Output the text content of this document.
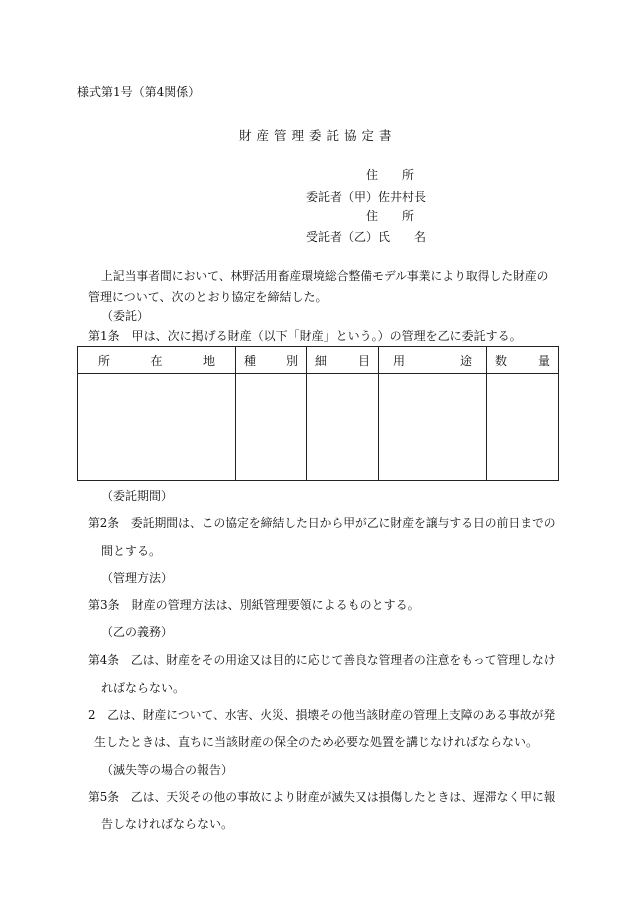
様式第1号（第4関係）
財産管理委託協定書
住　　所
委託者（甲）佐井村長
住　　所
受託者（乙）氏　　名
上記当事者間において、林野活用畜産環境総合整備モデル事業により取得した財産の
管理について、次のとおり協定を締結した。
（委託）
第1条　甲は、次に掲げる財産（以下「財産」という。）の管理を乙に委託する。
所 在 地	種 別	細 目	用 途	数 量

（委託期間）
第2条　委託期間は、この協定を締結した日から甲が乙に財産を譲与する日の前日までの
間とする。
（管理方法）
第3条　財産の管理方法は、別紙管理要領によるものとする。
（乙の義務）
第4条　乙は、財産をその用途又は目的に応じて善良な管理者の注意をもって管理しなけ
ればならない。
2　乙は、財産について、水害、火災、損壊その他当該財産の管理上支障のある事故が発
生したときは、直ちに当該財産の保全のため必要な処置を講じなければならない。
（滅失等の場合の報告）
第5条　乙は、天災その他の事故により財産が滅失又は損傷したときは、遅滞なく甲に報
告しなければならない。
